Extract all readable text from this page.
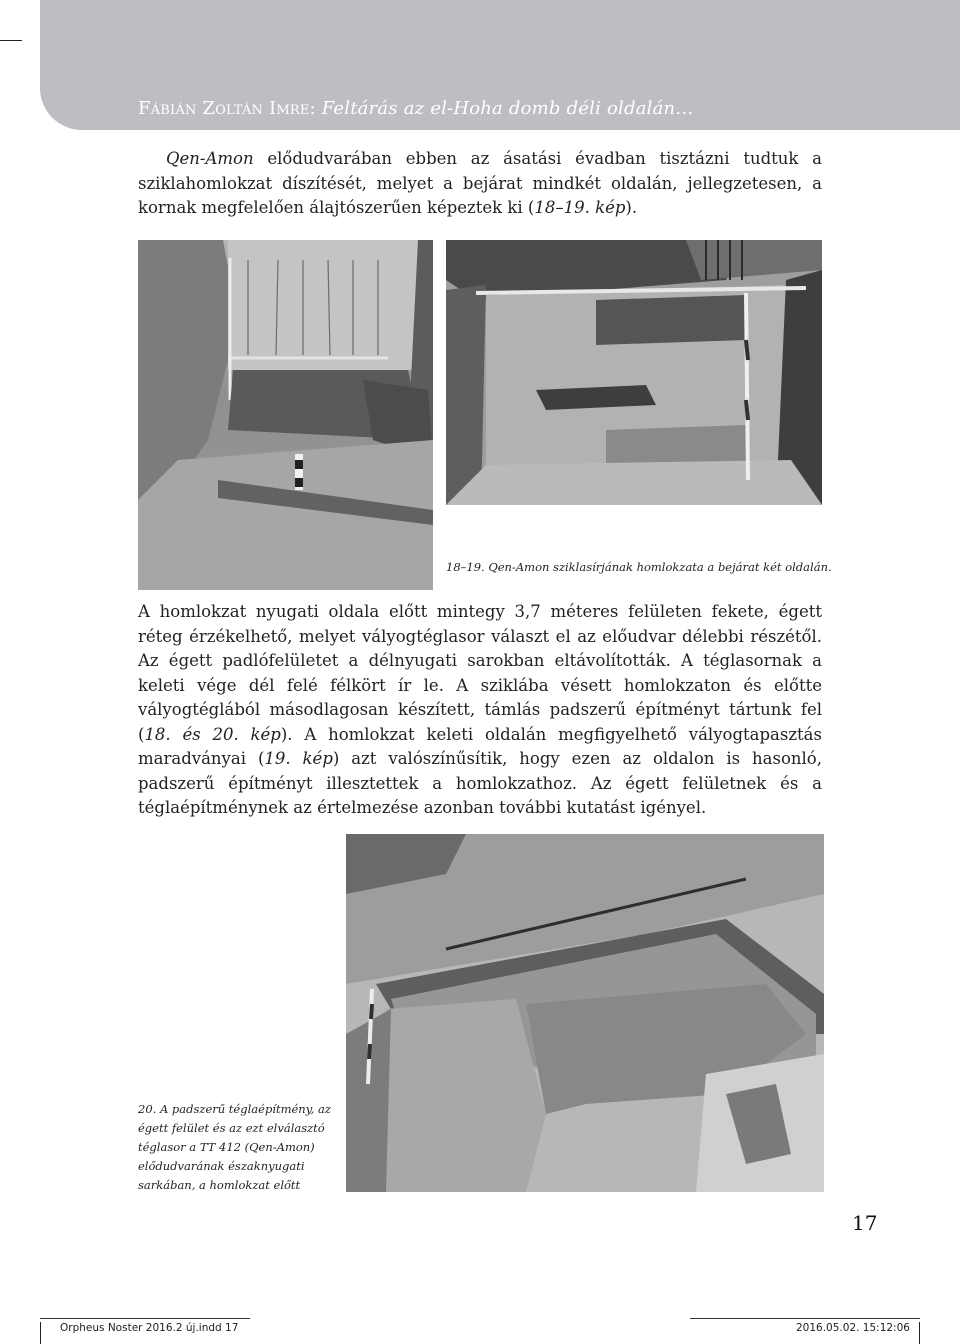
Fábián Zoltán Imre: Feltárás az el-Hoha domb déli oldalán…

Qen-Amon elődudvarában ebben az ásatási évadban tisztázni tudtuk a sziklahomlokzat díszítését, melyet a bejárat mindkét oldalán, jellegzetesen, a kornak megfelelően álajtószerűen képeztek ki (18–19. kép).

18–19. Qen-Amon sziklasírjának homlokzata a bejárat két oldalán.

A homlokzat nyugati oldala előtt mintegy 3,7 méteres felületen fekete, égett réteg érzékelhető, melyet vályogtéglasor választ el az előudvar délebbi részétől. Az égett padlófelületet a délnyugati sarokban eltávolították. A téglasornak a keleti vége dél felé félkört ír le. A sziklába vésett homlokzaton és előtte vályogtéglából másodlagosan készített, támlás padszerű építményt tártunk fel (18. és 20. kép). A homlokzat keleti oldalán megfigyelhető vályogtapasztás maradványai (19. kép) azt valószínűsítik, hogy ezen az oldalon is hasonló, padszerű építményt illesztettek a homlokzathoz. Az égett felületnek és a téglaépítménynek az értelmezése azonban további kutatást igényel.

20. A padszerű téglaépítmény, az égett felület és az ezt elválasztó téglasor a TT 412 (Qen-Amon) elődudvarának északnyugati sarkában, a homlokzat előtt
17
Orpheus Noster 2016.2 új.indd 17	2016.05.02. 15:12:06
